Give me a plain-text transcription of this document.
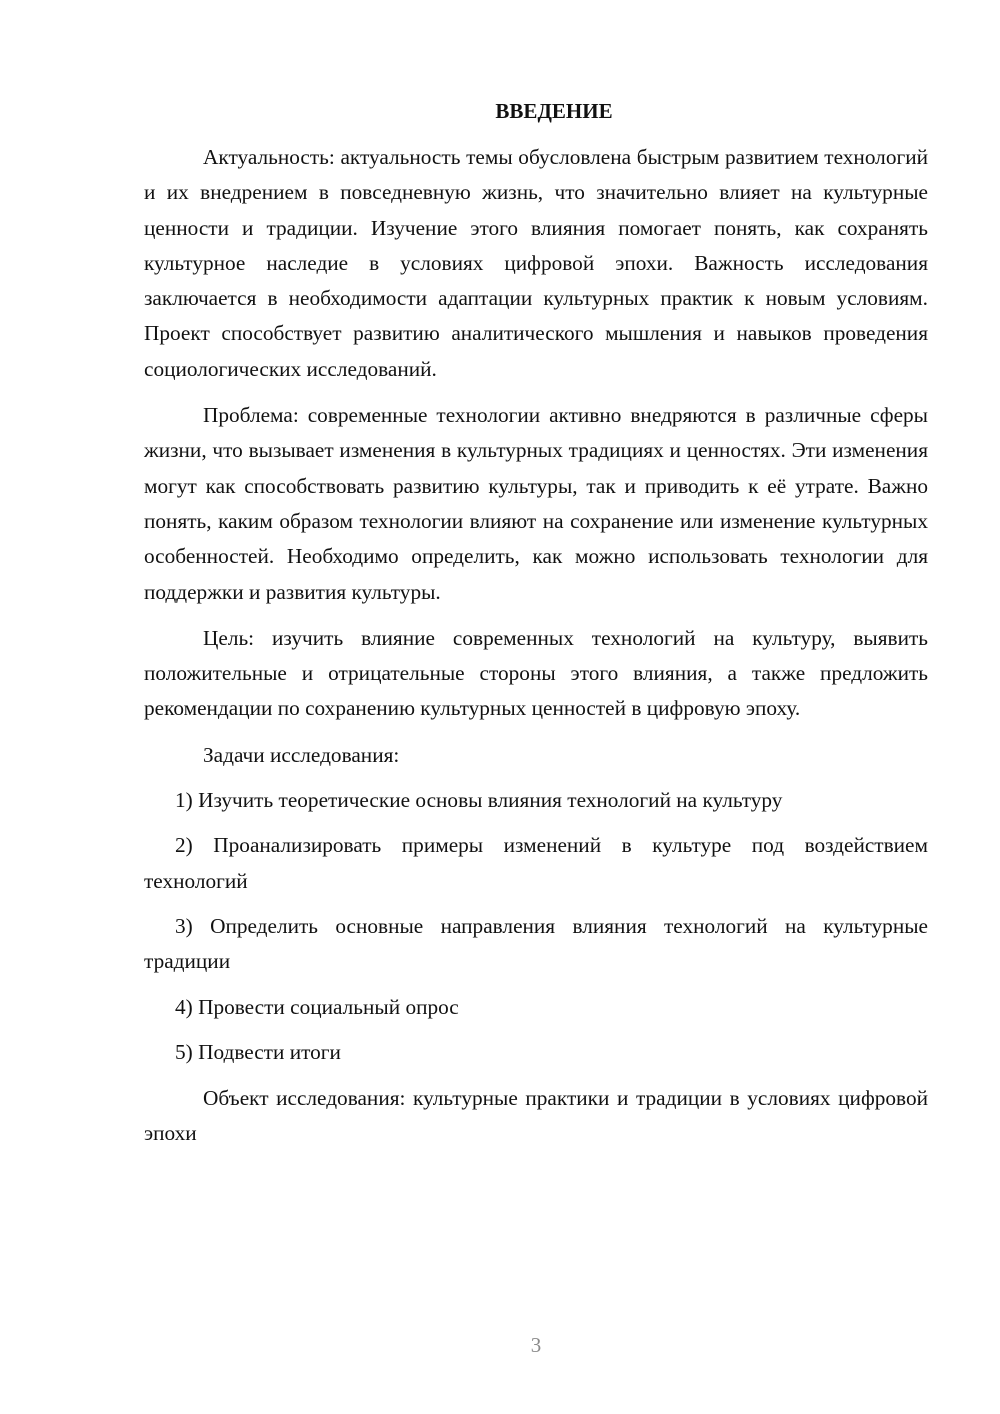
ВВЕДЕНИЕ

Актуальность: актуальность темы обусловлена быстрым развитием технологий и их внедрением в повседневную жизнь, что значительно влияет на культурные ценности и традиции. Изучение этого влияния помогает понять, как сохранять культурное наследие в условиях цифровой эпохи. Важность исследования заключается в необходимости адаптации культурных практик к новым условиям. Проект способствует развитию аналитического мышления и навыков проведения социологических исследований.

Проблема: современные технологии активно внедряются в различные сферы жизни, что вызывает изменения в культурных традициях и ценностях. Эти изменения могут как способствовать развитию культуры, так и приводить к её утрате. Важно понять, каким образом технологии влияют на сохранение или изменение культурных особенностей. Необходимо определить, как можно использовать технологии для поддержки и развития культуры.

Цель: изучить влияние современных технологий на культуру, выявить положительные и отрицательные стороны этого влияния, а также предложить рекомендации по сохранению культурных ценностей в цифровую эпоху.

Задачи исследования:

1) Изучить теоретические основы влияния технологий на культуру

2) Проанализировать примеры изменений в культуре под воздействием технологий

3) Определить основные направления влияния технологий на культурные традиции

4) Провести социальный опрос

5) Подвести итоги

Объект исследования: культурные практики и традиции в условиях цифровой эпохи

3
